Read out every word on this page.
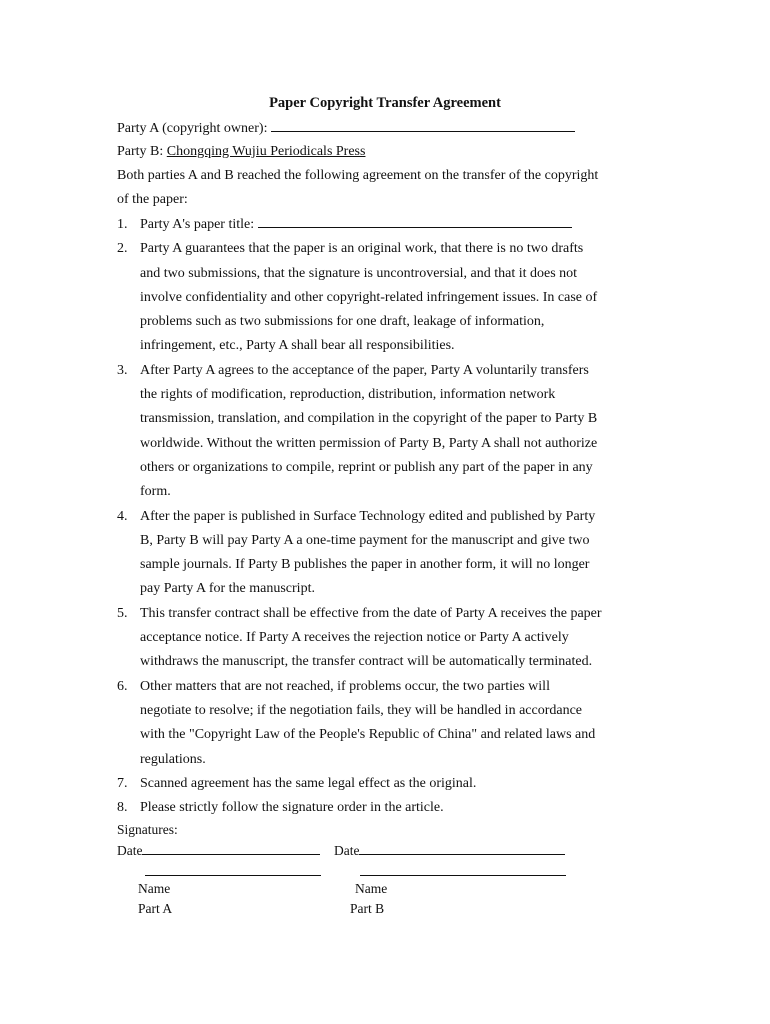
Paper Copyright Transfer Agreement
Party A (copyright owner):
Party B: Chongqing Wujiu Periodicals Press
Both parties A and B reached the following agreement on the transfer of the copyright
of the paper:
1. Party A's paper title:
2. Party A guarantees that the paper is an original work, that there is no two drafts
and two submissions, that the signature is uncontroversial, and that it does not
involve confidentiality and other copyright-related infringement issues. In case of
problems such as two submissions for one draft, leakage of information,
infringement, etc., Party A shall bear all responsibilities.
3. After Party A agrees to the acceptance of the paper, Party A voluntarily transfers
the rights of modification, reproduction, distribution, information network
transmission, translation, and compilation in the copyright of the paper to Party B
worldwide. Without the written permission of Party B, Party A shall not authorize
others or organizations to compile, reprint or publish any part of the paper in any
form.
4. After the paper is published in Surface Technology edited and published by Party
B, Party B will pay Party A a one-time payment for the manuscript and give two
sample journals. If Party B publishes the paper in another form, it will no longer
pay Party A for the manuscript.
5. This transfer contract shall be effective from the date of Party A receives the paper
acceptance notice. If Party A receives the rejection notice or Party A actively
withdraws the manuscript, the transfer contract will be automatically terminated.
6. Other matters that are not reached, if problems occur, the two parties will
negotiate to resolve; if the negotiation fails, they will be handled in accordance
with the "Copyright Law of the People's Republic of China" and related laws and
regulations.
7. Scanned agreement has the same legal effect as the original.
8. Please strictly follow the signature order in the article.
Signatures:
Date	Date
Name	Name
Part A	Part B
